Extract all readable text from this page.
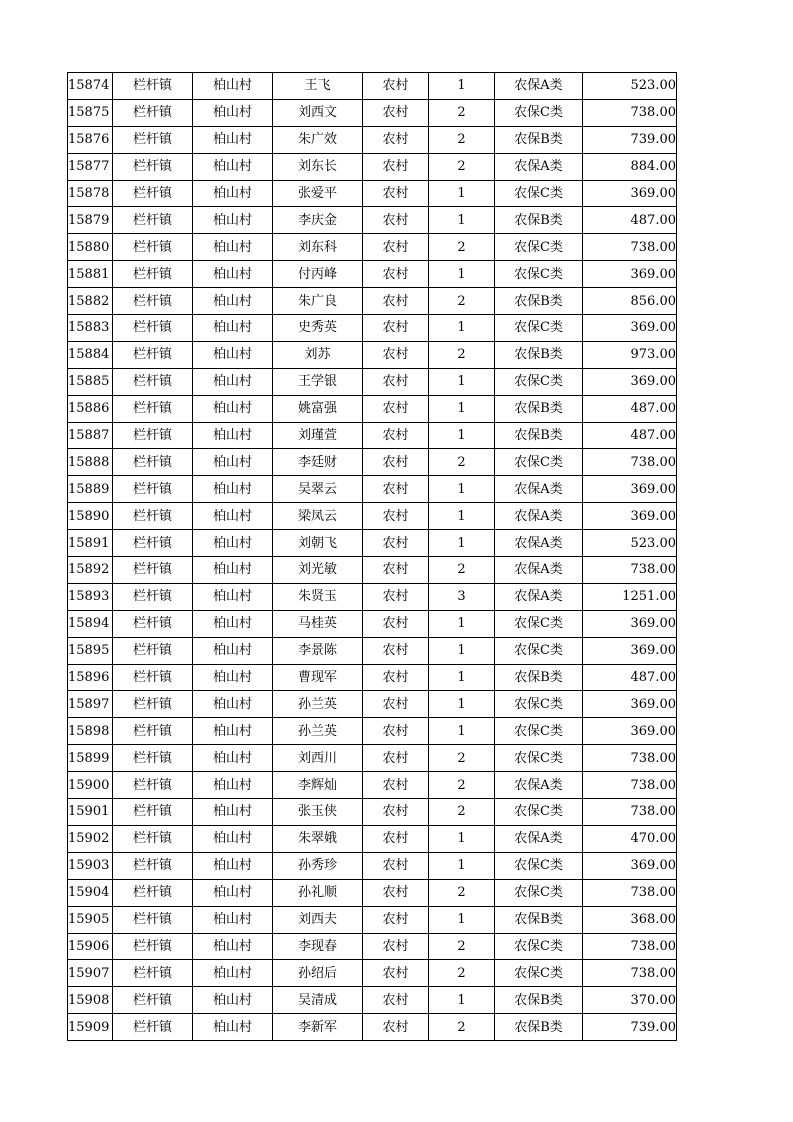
15874	栏杆镇	柏山村	王飞	农村	1	农保A类	523.00
15875	栏杆镇	柏山村	刘西文	农村	2	农保C类	738.00
15876	栏杆镇	柏山村	朱广效	农村	2	农保B类	739.00
15877	栏杆镇	柏山村	刘东长	农村	2	农保A类	884.00
15878	栏杆镇	柏山村	张爱平	农村	1	农保C类	369.00
15879	栏杆镇	柏山村	李庆金	农村	1	农保B类	487.00
15880	栏杆镇	柏山村	刘东科	农村	2	农保C类	738.00
15881	栏杆镇	柏山村	付丙峰	农村	1	农保C类	369.00
15882	栏杆镇	柏山村	朱广良	农村	2	农保B类	856.00
15883	栏杆镇	柏山村	史秀英	农村	1	农保C类	369.00
15884	栏杆镇	柏山村	刘苏	农村	2	农保B类	973.00
15885	栏杆镇	柏山村	王学银	农村	1	农保C类	369.00
15886	栏杆镇	柏山村	姚富强	农村	1	农保B类	487.00
15887	栏杆镇	柏山村	刘瑾萱	农村	1	农保B类	487.00
15888	栏杆镇	柏山村	李廷财	农村	2	农保C类	738.00
15889	栏杆镇	柏山村	吴翠云	农村	1	农保A类	369.00
15890	栏杆镇	柏山村	梁凤云	农村	1	农保A类	369.00
15891	栏杆镇	柏山村	刘朝飞	农村	1	农保A类	523.00
15892	栏杆镇	柏山村	刘光敏	农村	2	农保A类	738.00
15893	栏杆镇	柏山村	朱贤玉	农村	3	农保A类	1251.00
15894	栏杆镇	柏山村	马桂英	农村	1	农保C类	369.00
15895	栏杆镇	柏山村	李景陈	农村	1	农保C类	369.00
15896	栏杆镇	柏山村	曹现军	农村	1	农保B类	487.00
15897	栏杆镇	柏山村	孙兰英	农村	1	农保C类	369.00
15898	栏杆镇	柏山村	孙兰英	农村	1	农保C类	369.00
15899	栏杆镇	柏山村	刘西川	农村	2	农保C类	738.00
15900	栏杆镇	柏山村	李辉灿	农村	2	农保A类	738.00
15901	栏杆镇	柏山村	张玉侠	农村	2	农保C类	738.00
15902	栏杆镇	柏山村	朱翠娥	农村	1	农保A类	470.00
15903	栏杆镇	柏山村	孙秀珍	农村	1	农保C类	369.00
15904	栏杆镇	柏山村	孙礼顺	农村	2	农保C类	738.00
15905	栏杆镇	柏山村	刘西夫	农村	1	农保B类	368.00
15906	栏杆镇	柏山村	李现春	农村	2	农保C类	738.00
15907	栏杆镇	柏山村	孙绍后	农村	2	农保C类	738.00
15908	栏杆镇	柏山村	吴清成	农村	1	农保B类	370.00
15909	栏杆镇	柏山村	李新军	农村	2	农保B类	739.00
